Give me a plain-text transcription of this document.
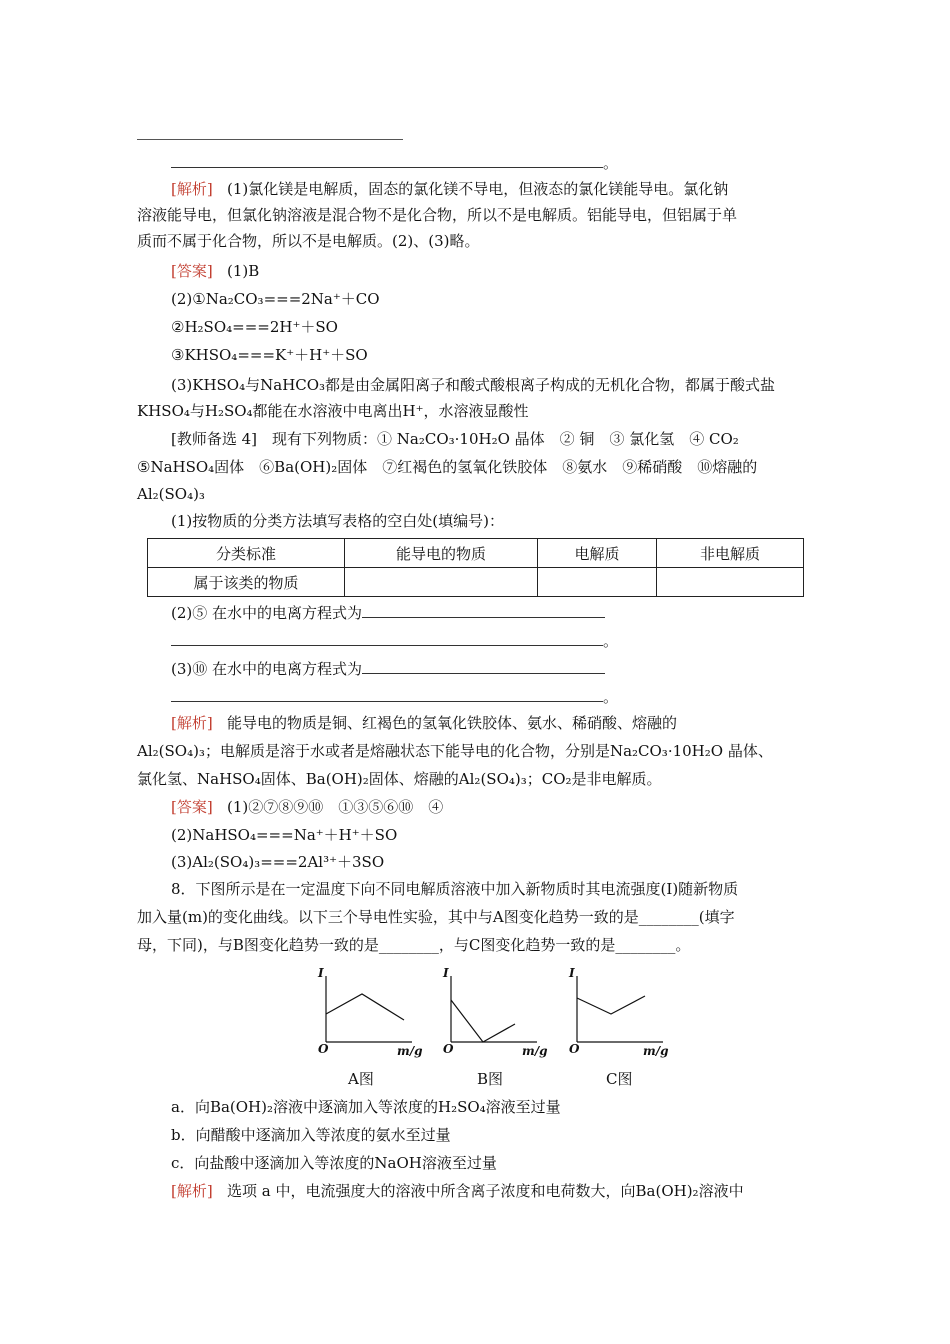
。
[解析] (1)氯化镁是电解质，固态的氯化镁不导电，但液态的氯化镁能导电。氯化钠
溶液能导电，但氯化钠溶液是混合物不是化合物，所以不是电解质。铝能导电，但铝属于单
质而不属于化合物，所以不是电解质。(2)、(3)略。
[答案] (1)B
(2)①Na₂CO₃===2Na⁺＋CO
②H₂SO₄===2H⁺＋SO
③KHSO₄===K⁺＋H⁺＋SO
(3)KHSO₄与NaHCO₃都是由金属阳离子和酸式酸根离子构成的无机化合物，都属于酸式盐
KHSO₄与H₂SO₄都能在水溶液中电离出H⁺，水溶液显酸性
[教师备选 4]　现有下列物质：① Na₂CO₃·10H₂O 晶体　② 铜　③ 氯化氢　④ CO₂
⑤NaHSO₄固体　⑥Ba(OH)₂固体　⑦红褐色的氢氧化铁胶体　⑧氨水　⑨稀硝酸　⑩熔融的
Al₂(SO₄)₃
(1)按物质的分类方法填写表格的空白处(填编号)：
分类标准	能导电的物质	电解质	非电解质
属于该类的物质			
(2)⑤ 在水中的电离方程式为
。
(3)⑩ 在水中的电离方程式为
。
[解析] 能导电的物质是铜、红褐色的氢氧化铁胶体、氨水、稀硝酸、熔融的
Al₂(SO₄)₃；电解质是溶于水或者是熔融状态下能导电的化合物，分别是Na₂CO₃·10H₂O 晶体、
氯化氢、NaHSO₄固体、Ba(OH)₂固体、熔融的Al₂(SO₄)₃；CO₂是非电解质。
[答案] (1)②⑦⑧⑨⑩　①③⑤⑥⑩　④
(2)NaHSO₄===Na⁺＋H⁺＋SO
(3)Al₂(SO₄)₃===2Al³⁺＋3SO
8．下图所示是在一定温度下向不同电解质溶液中加入新物质时其电流强度(I)随新物质
加入量(m)的变化曲线。以下三个导电性实验，其中与A图变化趋势一致的是________(填字
母，下同)，与B图变化趋势一致的是________，与C图变化趋势一致的是________。
I
O	m/g
A图
I
O	m/g
B图
I
O	m/g
C图
a．向Ba(OH)₂溶液中逐滴加入等浓度的H₂SO₄溶液至过量
b．向醋酸中逐滴加入等浓度的氨水至过量
c．向盐酸中逐滴加入等浓度的NaOH溶液至过量
[解析] 选项 a 中，电流强度大的溶液中所含离子浓度和电荷数大，向Ba(OH)₂溶液中
